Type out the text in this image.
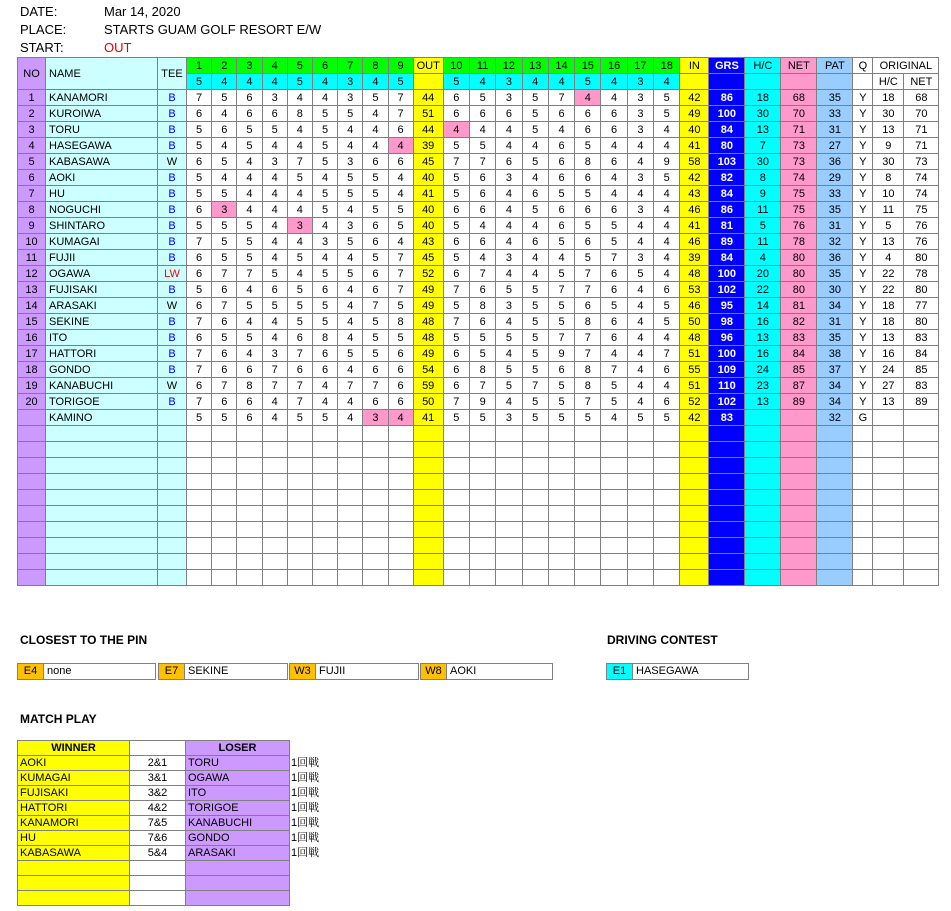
DATE:	Mar 14, 2020
PLACE:	STARTS GUAM GOLF RESORT E/W
START:	OUT
NO	NAME	TEE	1	2	3	4	5	6	7	8	9	OUT	10	11	12	13	14	15	16	17	18	IN	GRS	H/C	NET	PAT	Q	ORIGINAL	
			5	4	4	4	5	4	3	4	5		5	4	3	4	4	5	4	3	4							H/C	NET
1	KANAMORI	B	7	5	6	3	4	4	3	5	7	44	6	5	3	5	7	4	4	3	5	42	86	18	68	35	Y	18	68
2	KUROIWA	B	6	4	6	6	8	5	5	4	7	51	6	6	6	5	6	6	6	3	5	49	100	30	70	33	Y	30	70
3	TORU	B	5	6	5	5	4	5	4	4	6	44	4	4	4	5	4	6	6	3	4	40	84	13	71	31	Y	13	71
4	HASEGAWA	B	5	4	5	4	4	5	4	4	4	39	5	5	4	4	6	5	4	4	4	41	80	7	73	27	Y	9	71
5	KABASAWA	W	6	5	4	3	7	5	3	6	6	45	7	7	6	5	6	8	6	4	9	58	103	30	73	36	Y	30	73
6	AOKI	B	5	4	4	4	5	4	5	5	4	40	5	6	3	4	6	6	4	3	5	42	82	8	74	29	Y	8	74
7	HU	B	5	5	4	4	4	5	5	5	4	41	5	6	4	6	5	5	4	4	4	43	84	9	75	33	Y	10	74
8	NOGUCHI	B	6	3	4	4	4	5	4	5	5	40	6	6	4	5	6	6	6	3	4	46	86	11	75	35	Y	11	75
9	SHINTARO	B	5	5	5	4	3	4	3	6	5	40	5	4	4	4	6	5	5	4	4	41	81	5	76	31	Y	5	76
10	KUMAGAI	B	7	5	5	4	4	3	5	6	4	43	6	6	4	6	5	6	5	4	4	46	89	11	78	32	Y	13	76
11	FUJII	B	6	5	5	4	5	4	4	5	7	45	5	4	3	4	4	5	7	3	4	39	84	4	80	36	Y	4	80
12	OGAWA	LW	6	7	7	5	4	5	5	6	7	52	6	7	4	4	5	7	6	5	4	48	100	20	80	35	Y	22	78
13	FUJISAKI	B	5	6	4	6	5	6	4	6	7	49	7	6	5	5	7	7	6	4	6	53	102	22	80	30	Y	22	80
14	ARASAKI	W	6	7	5	5	5	5	4	7	5	49	5	8	3	5	5	6	5	4	5	46	95	14	81	34	Y	18	77
15	SEKINE	B	7	6	4	4	5	5	4	5	8	48	7	6	4	5	5	8	6	4	5	50	98	16	82	31	Y	18	80
16	ITO	B	6	5	5	4	6	8	4	5	5	48	5	5	5	5	7	7	6	4	4	48	96	13	83	35	Y	13	83
17	HATTORI	B	7	6	4	3	7	6	5	5	6	49	6	5	4	5	9	7	4	4	7	51	100	16	84	38	Y	16	84
18	GONDO	B	7	6	6	7	6	6	4	6	6	54	6	8	5	5	6	8	7	4	6	55	109	24	85	37	Y	24	85
19	KANABUCHI	W	6	7	8	7	7	4	7	7	6	59	6	7	5	7	5	8	5	4	4	51	110	23	87	34	Y	27	83
20	TORIGOE	B	7	6	6	4	7	4	4	6	6	50	7	9	4	5	5	7	5	4	6	52	102	13	89	34	Y	13	89
	KAMINO		5	5	6	4	5	5	4	3	4	41	5	5	3	5	5	5	4	5	5	42	83			32	G		

CLOSEST TO THE PIN
E4 none	E7 SEKINE	W3 FUJII	W8 AOKI
DRIVING CONTEST
E1 HASEGAWA
MATCH PLAY
WINNER		LOSER	
AOKI	2&1	TORU	1回戦
KUMAGAI	3&1	OGAWA	1回戦
FUJISAKI	3&2	ITO	1回戦
HATTORI	4&2	TORIGOE	1回戦
KANAMORI	7&5	KANABUCHI	1回戦
HU	7&6	GONDO	1回戦
KABASAWA	5&4	ARASAKI	1回戦
